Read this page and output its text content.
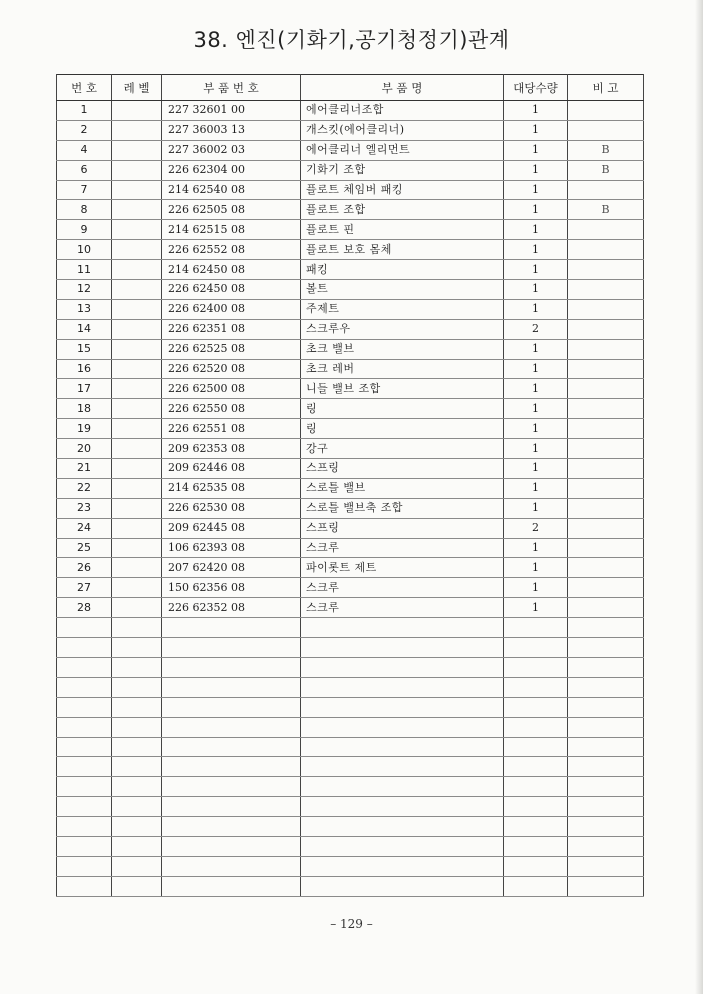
38. 엔진(기화기,공기청정기)관계
번 호	레 벨	부 품 번 호	부 품 명	대당수량	비 고
1		227 32601 00	에어클리너조합	1	
2		227 36003 13	개스킷(에어클리너)	1	
4		227 36002 03	에어클리너 엘리먼트	1	B
6		226 62304 00	기화기 조합	1	B
7		214 62540 08	플로트 체임버 패킹	1	
8		226 62505 08	플로트 조합	1	B
9		214 62515 08	플로트 핀	1	
10		226 62552 08	플로트 보호 몸체	1	
11		214 62450 08	패킹	1	
12		226 62450 08	볼트	1	
13		226 62400 08	주제트	1	
14		226 62351 08	스크루우	2	
15		226 62525 08	초크 밸브	1	
16		226 62520 08	초크 레버	1	
17		226 62500 08	니들 밸브 조합	1	
18		226 62550 08	링	1	
19		226 62551 08	링	1	
20		209 62353 08	강구	1	
21		209 62446 08	스프링	1	
22		214 62535 08	스로틀 밸브	1	
23		226 62530 08	스로틀 밸브축 조합	1	
24		209 62445 08	스프링	2	
25		106 62393 08	스크루	1	
26		207 62420 08	파이롯트 제트	1	
27		150 62356 08	스크루	1	
28		226 62352 08	스크루	1	

– 129 –
